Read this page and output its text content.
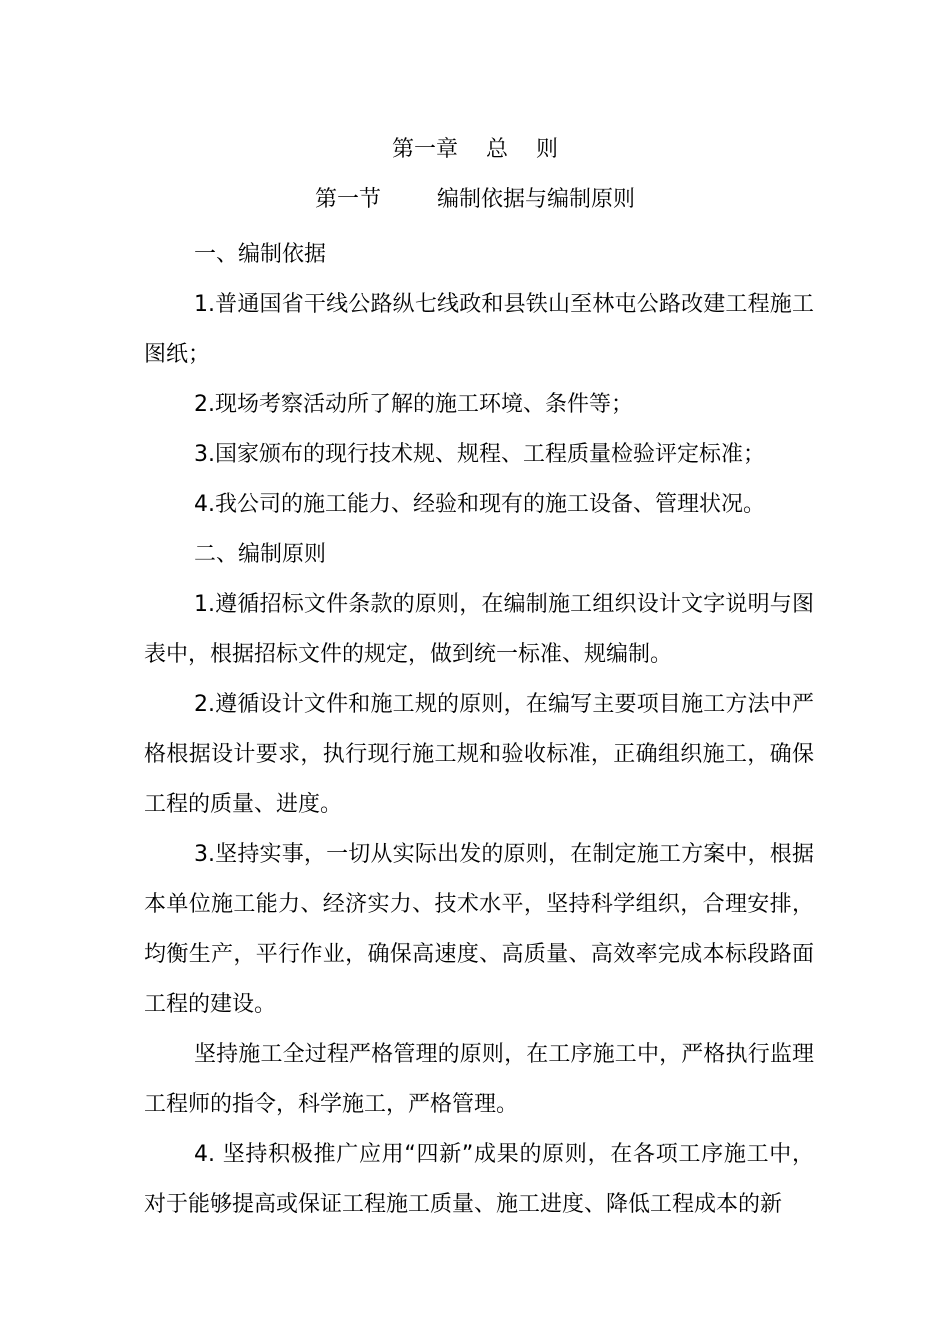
第一章    总    则
第一节        编制依据与编制原则

一、编制依据

1.普通国省干线公路纵七线政和县铁山至林屯公路改建工程施工图纸；

2.现场考察活动所了解的施工环境、条件等；

3.国家颁布的现行技术规、规程、工程质量检验评定标准；

4.我公司的施工能力、经验和现有的施工设备、管理状况。

二、编制原则

1.遵循招标文件条款的原则，在编制施工组织设计文字说明与图表中，根据招标文件的规定，做到统一标准、规编制。

2.遵循设计文件和施工规的原则，在编写主要项目施工方法中严格根据设计要求，执行现行施工规和验收标准，正确组织施工，确保工程的质量、进度。

3.坚持实事，一切从实际出发的原则，在制定施工方案中，根据本单位施工能力、经济实力、技术水平，坚持科学组织，合理安排，均衡生产，平行作业，确保高速度、高质量、高效率完成本标段路面工程的建设。

坚持施工全过程严格管理的原则，在工序施工中，严格执行监理工程师的指令，科学施工，严格管理。

4. 坚持积极推广应用“四新”成果的原则，在各项工序施工中，对于能够提高或保证工程施工质量、施工进度、降低工程成本的新
